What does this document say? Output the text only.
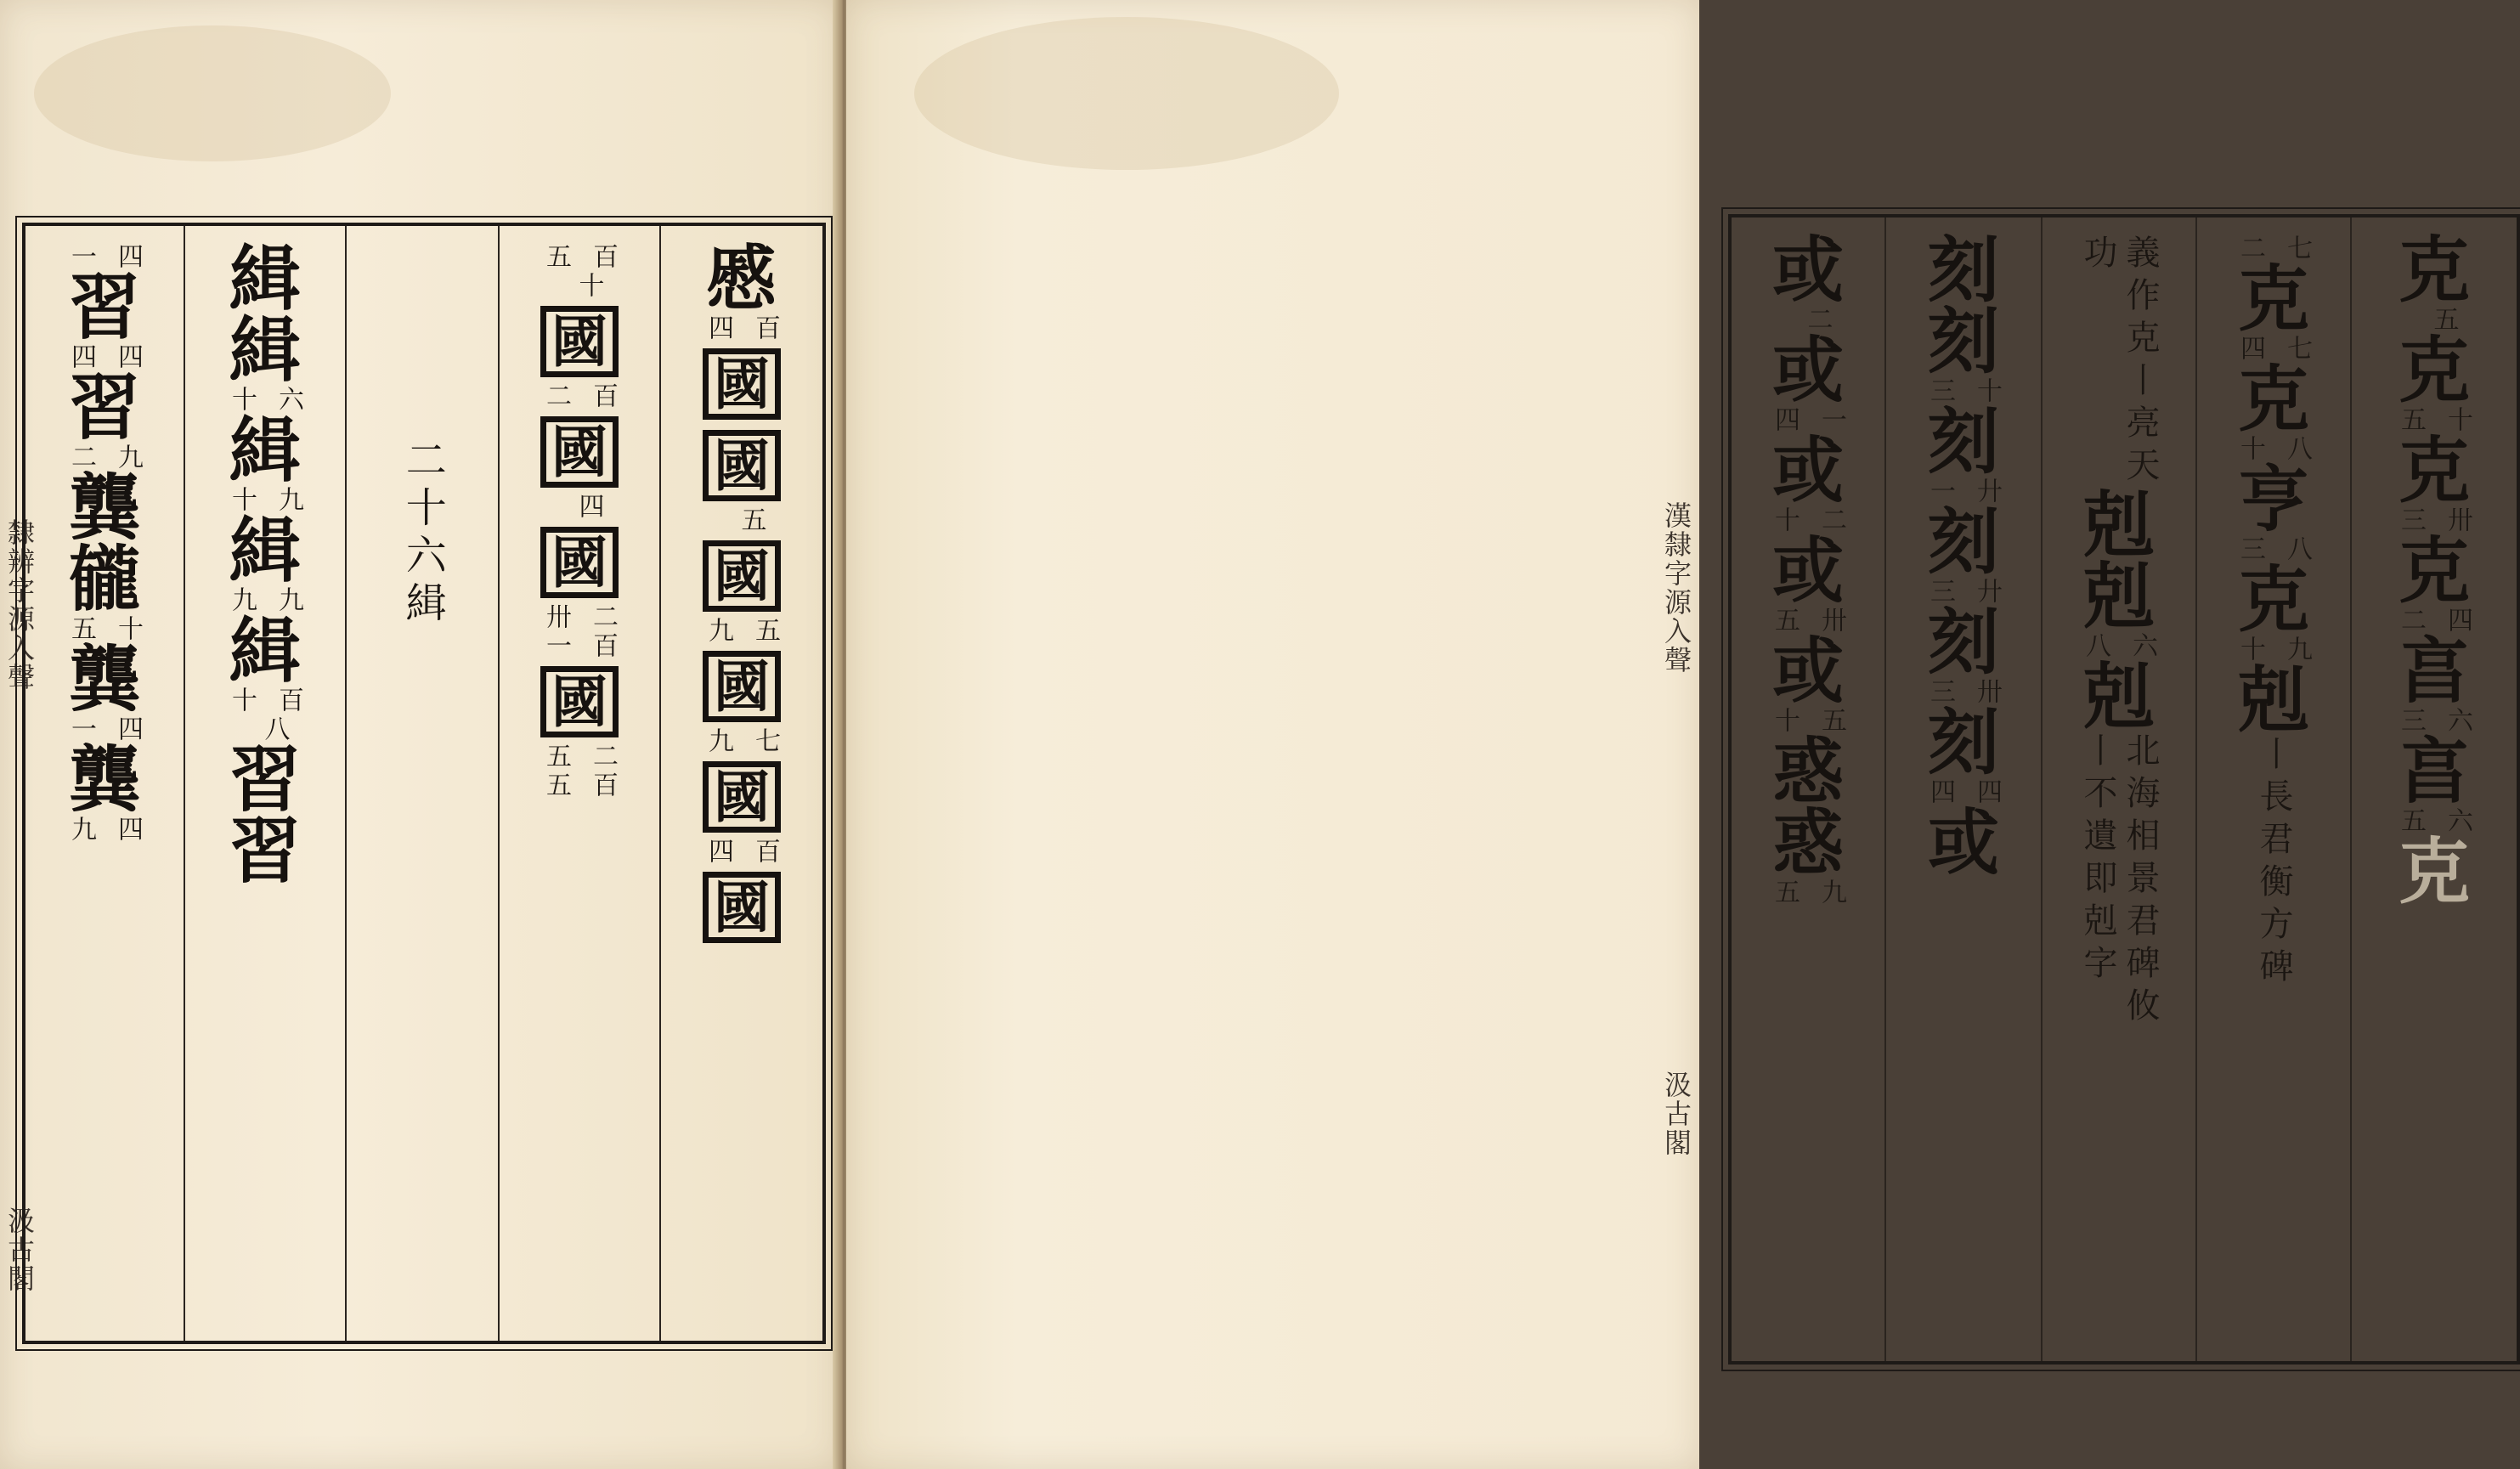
隸辨字源入聲
汲古閣
慼
百
四
國
國
五
國
五
九
國
七
九
國
百
四
國
百
五
十
國
百
二
國
四
國
二
卅
百
一
國
二
五
百
五
二十六緝
緝
緝
六
十
緝
九
十
緝
九
九
緝
百
十
八
習
習
四
一
習
四
四
習
九
二
龔
龓
十
五
龔
四
一
龔
四
九
漢隸字源入聲
汲古閣
克
五
克
十
五
克
卅
三
克
四
二
亯
六
三
亯
六
五
克
七
二
克
七
四
克
八
十
亨
八
三
克
九
十
剋
丨長君衡方碑
義作克丨亮天功
剋
剋
六
八
剋
北海相景君碑攸丨不遺即剋字
刻
刻
十
三
刻
廾
一
刻
廾
三
刻
卅
三
刻
四
四
或
或
二
或
一
四
或
二
十
或
卅
五
或
五
十
惑
惑
九
五
